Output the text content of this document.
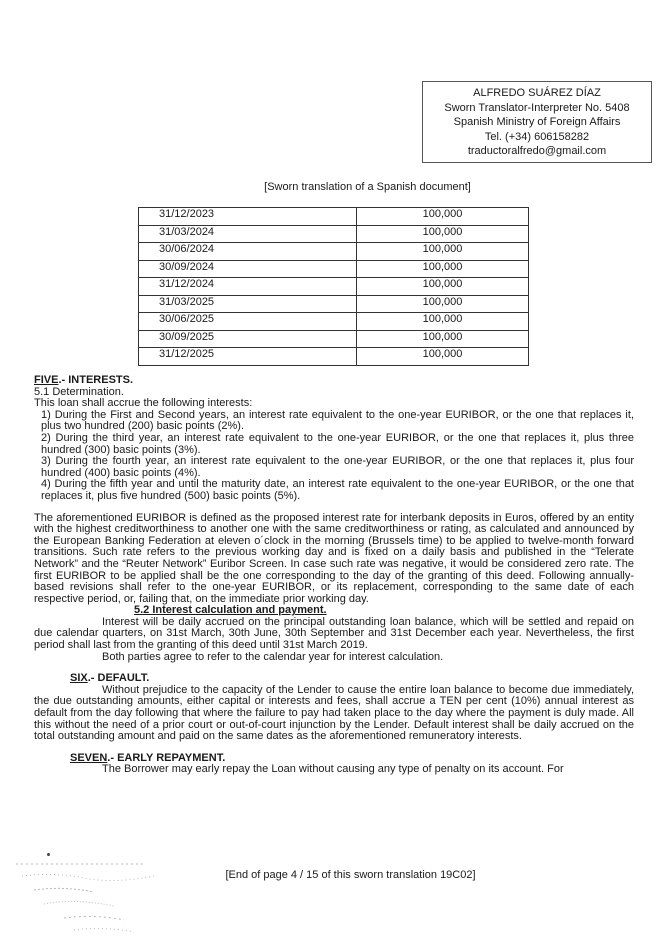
ALFREDO SUÁREZ DÍAZ
Sworn Translator-Interpreter No. 5408
Spanish Ministry of Foreign Affairs
Tel. (+34) 606158282
traductoralfredo@gmail.com
[Sworn translation of a Spanish document]
31/12/2023	100,000
31/03/2024	100,000
30/06/2024	100,000
30/09/2024	100,000
31/12/2024	100,000
31/03/2025	100,000
30/06/2025	100,000
30/09/2025	100,000
31/12/2025	100,000

FIVE.- INTERESTS.

5.1 Determination.

This loan shall accrue the following interests:

1) During the First and Second years, an interest rate equivalent to the one-year EURIBOR, or the one that replaces it, plus two hundred (200) basic points (2%).

2) During the third year, an interest rate equivalent to the one-year EURIBOR, or the one that replaces it, plus three hundred (300) basic points (3%).

3) During the fourth year, an interest rate equivalent to the one-year EURIBOR, or the one that replaces it, plus four hundred (400) basic points (4%).

4) During the fifth year and until the maturity date, an interest rate equivalent to the one-year EURIBOR, or the one that replaces it, plus five hundred (500) basic points (5%).

The aforementioned EURIBOR is defined as the proposed interest rate for interbank deposits in Euros, offered by an entity with the highest creditworthiness to another one with the same creditworthiness or rating, as calculated and announced by the European Banking Federation at eleven o´clock in the morning (Brussels time) to be applied to twelve-month forward transitions. Such rate refers to the previous working day and is fixed on a daily basis and published in the “Telerate Network” and the “Reuter Network” Euribor Screen. In case such rate was negative, it would be considered zero rate. The first EURIBOR to be applied shall be the one corresponding to the day of the granting of this deed. Following annually-based revisions shall refer to the one-year EURIBOR, or its replacement, corresponding to the same date of each respective period, or, failing that, on the immediate prior working day.

5.2 Interest calculation and payment.

Interest will be daily accrued on the principal outstanding loan balance, which will be settled and repaid on due calendar quarters, on 31st March, 30th June, 30th September and 31st December each year. Nevertheless, the first period shall last from the granting of this deed until 31st March 2019.

Both parties agree to refer to the calendar year for interest calculation.

SIX.- DEFAULT.

Without prejudice to the capacity of the Lender to cause the entire loan balance to become due immediately, the due outstanding amounts, either capital or interests and fees, shall accrue a TEN per cent (10%) annual interest as default from the day following that where the failure to pay had taken place to the day where the payment is duly made. All this without the need of a prior court or out-of-court injunction by the Lender. Default interest shall be daily accrued on the total outstanding amount and paid on the same dates as the aforementioned remuneratory interests.

SEVEN.- EARLY REPAYMENT.

The Borrower may early repay the Loan without causing any type of penalty on its account. For

[End of page 4 / 15 of this sworn translation 19C02]
